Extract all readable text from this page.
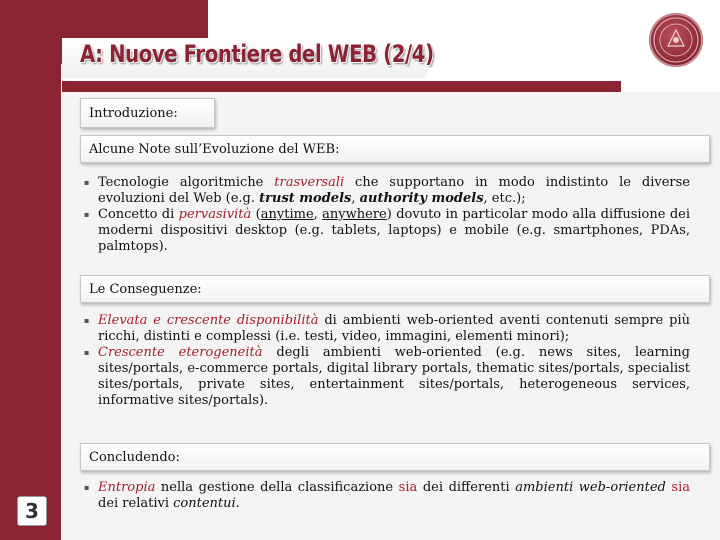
A: Nuove Frontiere del WEB (2/4)
Introduzione:
Alcune Note sull’Evoluzione del WEB:
▪ Tecnologie algoritmiche trasversali che supportano in modo indistinto le diverse evoluzioni del Web (e.g. trust models, authority models, etc.);
▪ Concetto di pervasività (anytime, anywhere) dovuto in particolar modo alla diffusione dei moderni dispositivi desktop (e.g. tablets, laptops) e mobile (e.g. smartphones, PDAs, palmtops).
Le Conseguenze:
▪ Elevata e crescente disponibilità di ambienti web-oriented aventi contenuti sempre più ricchi, distinti e complessi (i.e. testi, video, immagini, elementi minori);
▪ Crescente eterogeneità degli ambienti web-oriented (e.g. news sites, learning sites/portals, e-commerce portals, digital library portals, thematic sites/portals, specialist sites/portals, private sites, entertainment sites/portals, heterogeneous services, informative sites/portals).
Concludendo:
▪ Entropia nella gestione della classificazione sia dei differenti ambienti web-oriented sia dei relativi contentui.
3
